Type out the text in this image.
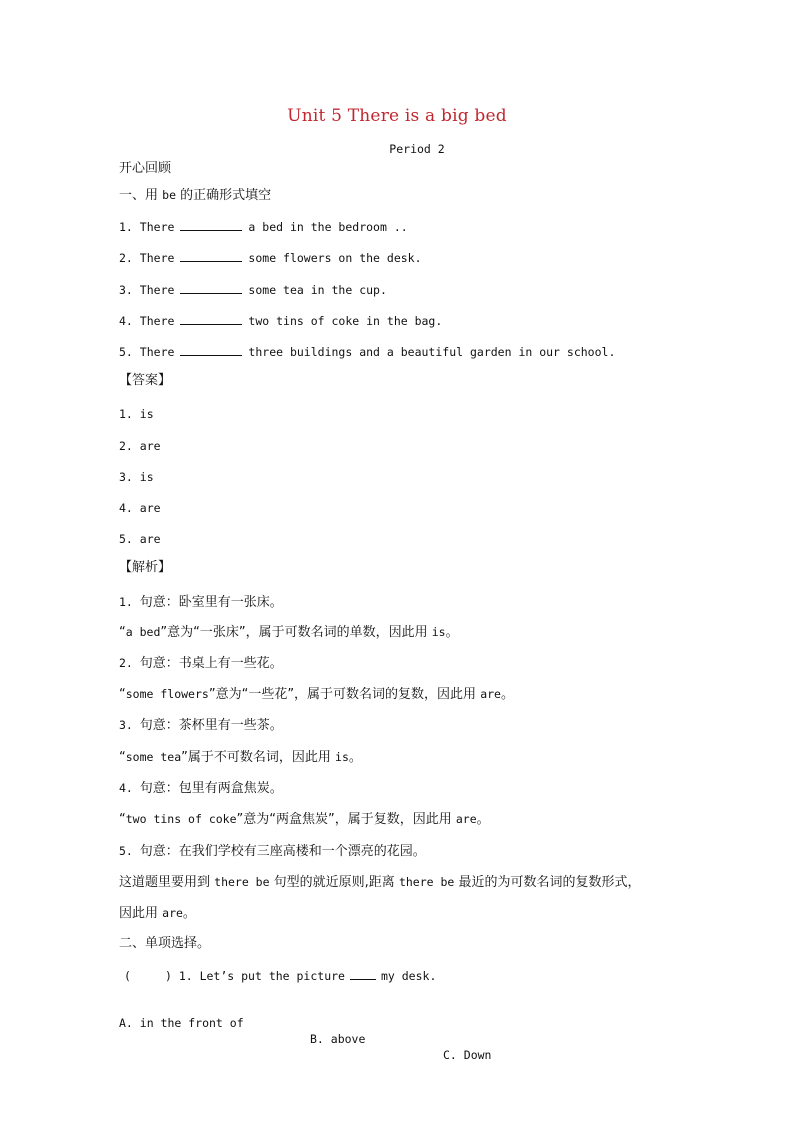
Unit 5 There is a big bed
Period 2
开心回顾
一、用 be 的正确形式填空
1. There	a bed in the bedroom ..
2. There	some flowers on the desk.
3. There	some tea in the cup.
4. There	two tins of coke in the bag.
5. There	three buildings and a beautiful garden in our school.
【答案】
1. is
2. are
3. is
4. are
5. are
【解析】
1. 句意：卧室里有一张床。
“a bed”意为“一张床”，属于可数名词的单数，因此用 is。
2. 句意：书桌上有一些花。
“some flowers”意为“一些花”，属于可数名词的复数，因此用 are。
3. 句意：茶杯里有一些茶。
“some tea”属于不可数名词，因此用 is。
4. 句意：包里有两盒焦炭。
“two tins of coke”意为“两盒焦炭”，属于复数，因此用 are。
5. 句意：在我们学校有三座高楼和一个漂亮的花园。
这道题里要用到 there be 句型的就近原则,距离 there be 最近的为可数名词的复数形式，
因此用 are。
二、单项选择。
(	) 1. Let’s put the picture	my desk.

A. in the front of

B. above

C. Down
